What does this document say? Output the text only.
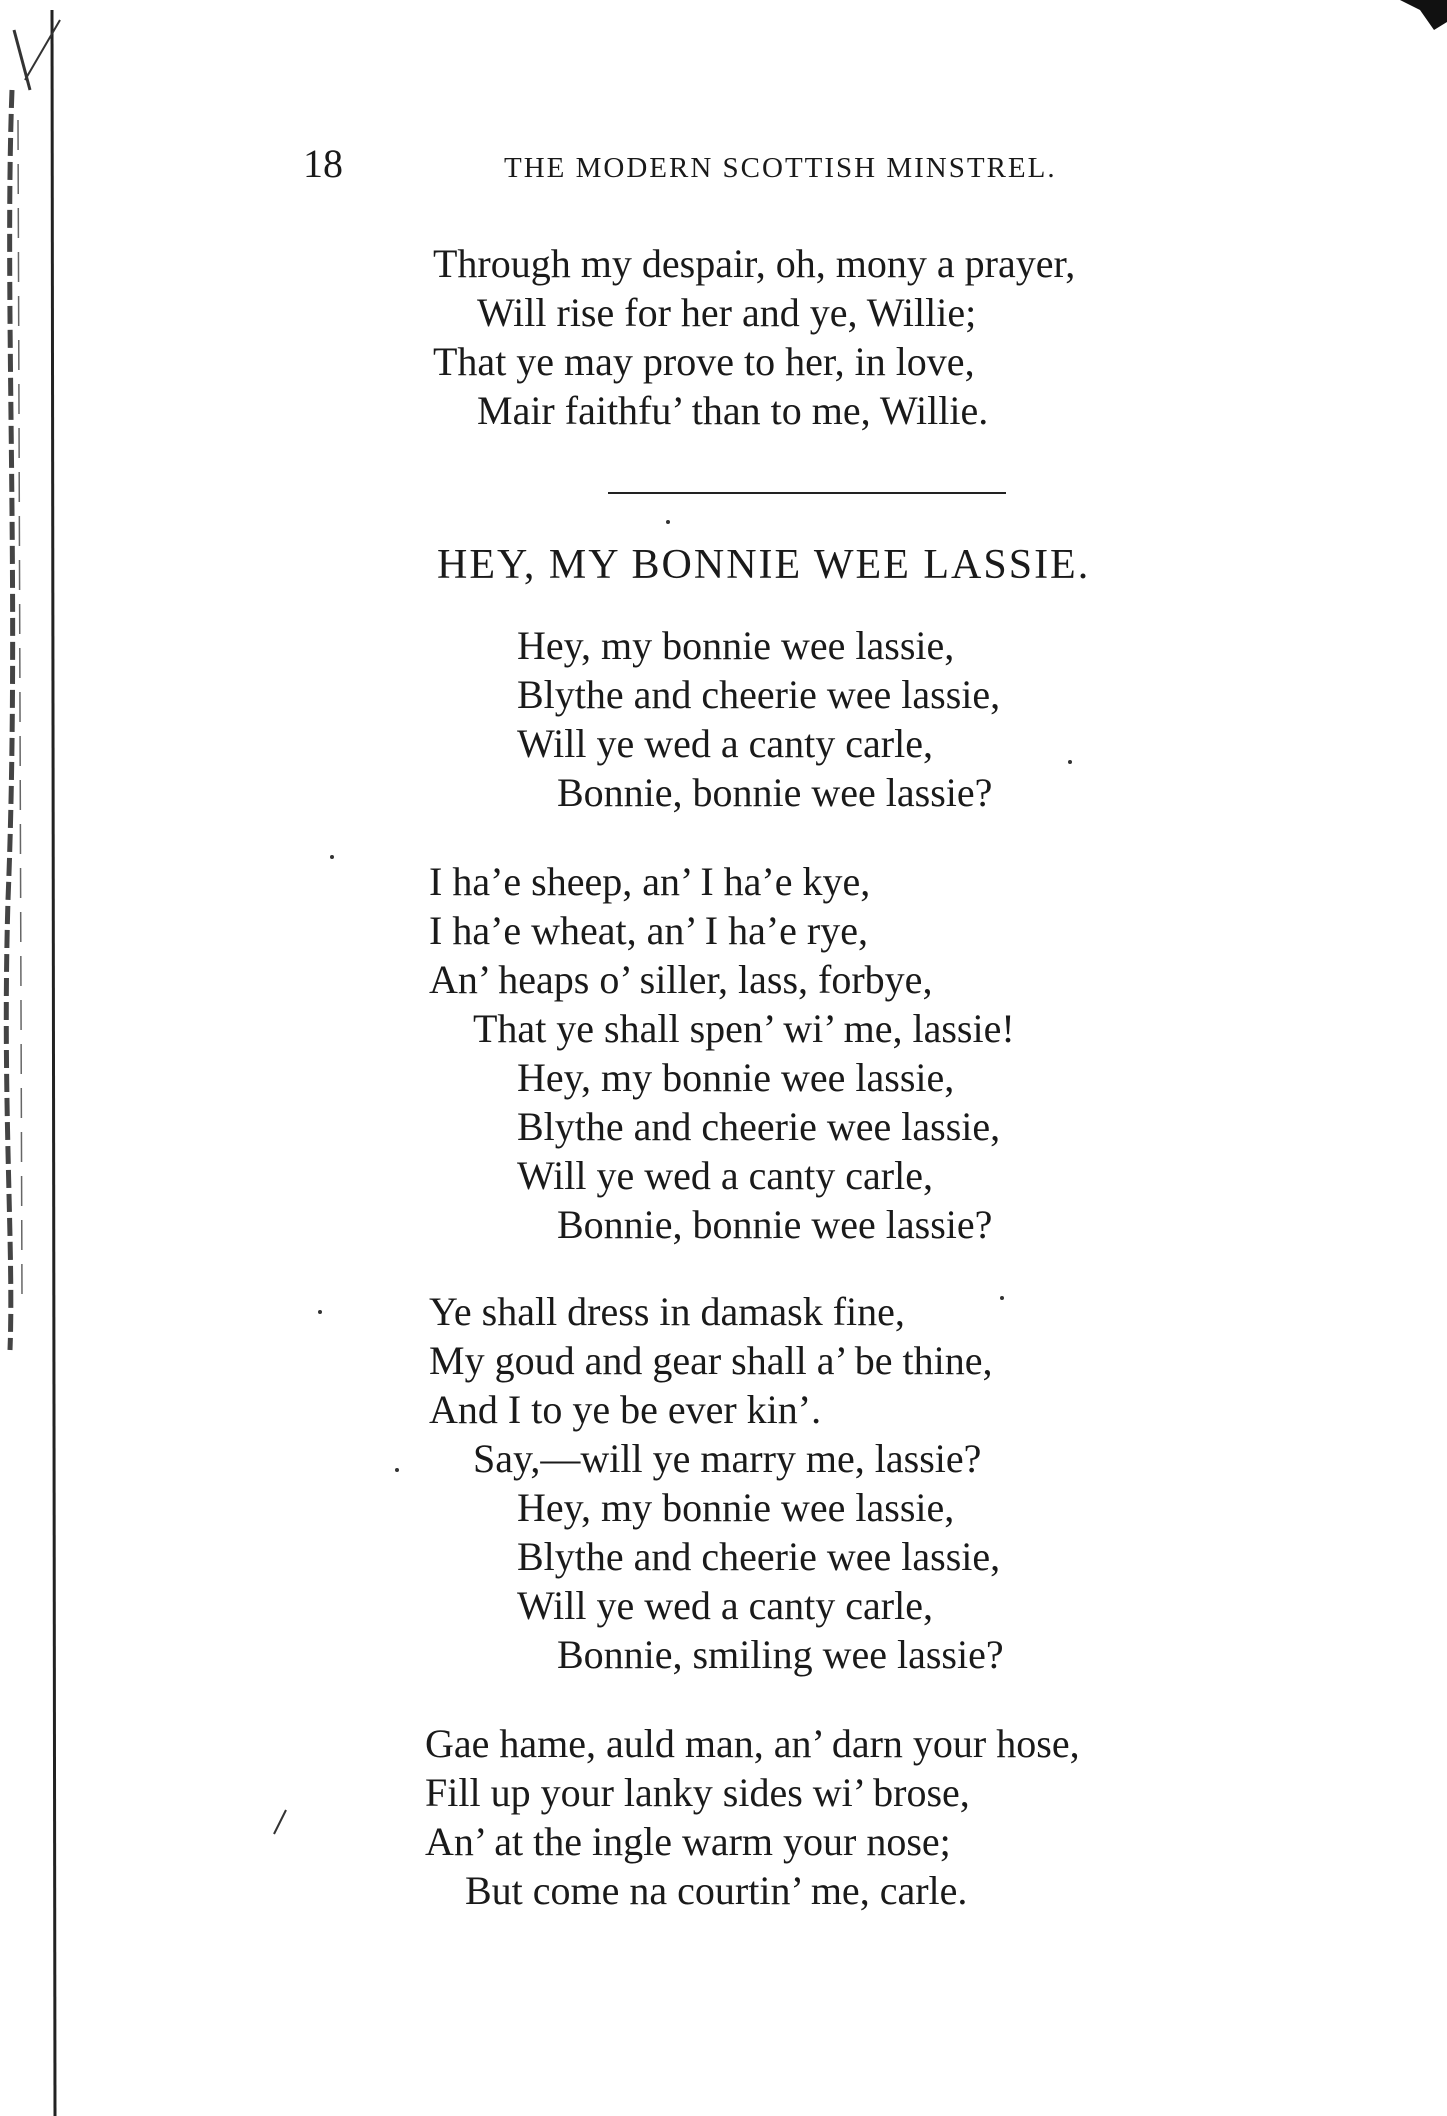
18	THE MODERN SCOTTISH MINSTREL.
Through my despair, oh, mony a prayer,
Will rise for her and ye, Willie;
That ye may prove to her, in love,
Mair faithfu’ than to me, Willie.
HEY, MY BONNIE WEE LASSIE.
Hey, my bonnie wee lassie,
Blythe and cheerie wee lassie,
Will ye wed a canty carle,
Bonnie, bonnie wee lassie?
I ha’e sheep, an’ I ha’e kye,
I ha’e wheat, an’ I ha’e rye,
An’ heaps o’ siller, lass, forbye,
That ye shall spen’ wi’ me, lassie!
Hey, my bonnie wee lassie,
Blythe and cheerie wee lassie,
Will ye wed a canty carle,
Bonnie, bonnie wee lassie?
Ye shall dress in damask fine,
My goud and gear shall a’ be thine,
And I to ye be ever kin’.
Say,—will ye marry me, lassie?
Hey, my bonnie wee lassie,
Blythe and cheerie wee lassie,
Will ye wed a canty carle,
Bonnie, smiling wee lassie?
Gae hame, auld man, an’ darn your hose,
Fill up your lanky sides wi’ brose,
An’ at the ingle warm your nose;
But come na courtin’ me, carle.
